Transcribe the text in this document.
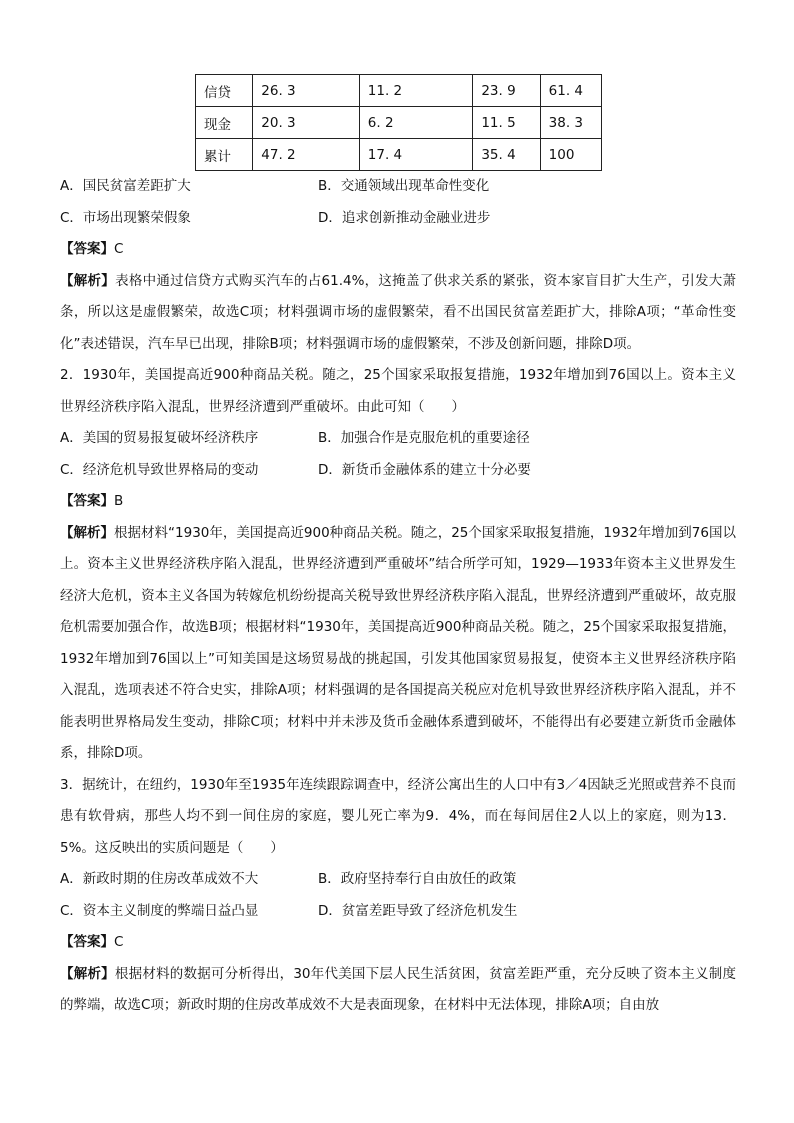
信贷	26. 3	11. 2	23. 9	61. 4
现金	20. 3	6. 2	11. 5	38. 3
累计	47. 2	17. 4	35. 4	100
A．国民贫富差距扩大	B．交通领域出现革命性变化
C．市场出现繁荣假象	D．追求创新推动金融业进步
【答案】C

【解析】表格中通过信贷方式购买汽车的占61.4%，这掩盖了供求关系的紧张，资本家盲目扩大生产，引发大萧条，所以这是虚假繁荣，故选C项；材料强调市场的虚假繁荣，看不出国民贫富差距扩大，排除A项；“革命性变化”表述错误，汽车早已出现，排除B项；材料强调市场的虚假繁荣，不涉及创新问题，排除D项。

2．1930年，美国提高近900种商品关税。随之，25个国家采取报复措施，1932年增加到76国以上。资本主义世界经济秩序陷入混乱，世界经济遭到严重破坏。由此可知（　　）

A．美国的贸易报复破坏经济秩序	B．加强合作是克服危机的重要途径
C．经济危机导致世界格局的变动	D．新货币金融体系的建立十分必要
【答案】B

【解析】根据材料“1930年，美国提高近900种商品关税。随之，25个国家采取报复措施，1932年增加到76国以上。资本主义世界经济秩序陷入混乱，世界经济遭到严重破坏”结合所学可知，1929—1933年资本主义世界发生经济大危机，资本主义各国为转嫁危机纷纷提高关税导致世界经济秩序陷入混乱，世界经济遭到严重破坏，故克服危机需要加强合作，故选B项；根据材料“1930年，美国提高近900种商品关税。随之，25个国家采取报复措施，1932年增加到76国以上”可知美国是这场贸易战的挑起国，引发其他国家贸易报复，使资本主义世界经济秩序陷入混乱，选项表述不符合史实，排除A项；材料强调的是各国提高关税应对危机导致世界经济秩序陷入混乱，并不能表明世界格局发生变动，排除C项；材料中并未涉及货币金融体系遭到破坏，不能得出有必要建立新货币金融体系，排除D项。

3．据统计，在纽约，1930年至1935年连续跟踪调查中，经济公寓出生的人口中有3／4因缺乏光照或营养不良而患有软骨病，那些人均不到一间住房的家庭，婴儿死亡率为9．4%，而在每间居住2人以上的家庭，则为13．5%。这反映出的实质问题是（　　）

A．新政时期的住房改革成效不大	B．政府坚持奉行自由放任的政策
C．资本主义制度的弊端日益凸显	D．贫富差距导致了经济危机发生
【答案】C

【解析】根据材料的数据可分析得出，30年代美国下层人民生活贫困，贫富差距严重，充分反映了资本主义制度的弊端，故选C项；新政时期的住房改革成效不大是表面现象，在材料中无法体现，排除A项；自由放
